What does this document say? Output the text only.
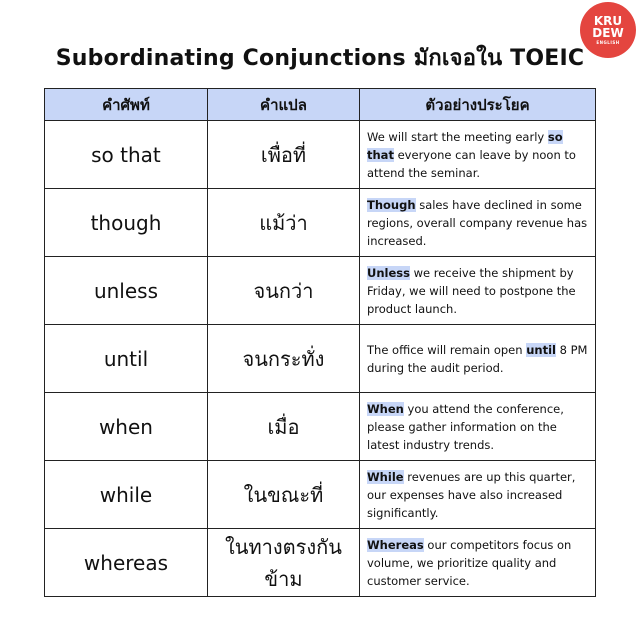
Subordinating Conjunctions มักเจอใน TOEIC
KRU
DEW
ENGLISH
คำศัพท์	คำแปล	ตัวอย่างประโยค
so that	เพื่อที่	We will start the meeting early so that everyone can leave by noon to attend the seminar.
though	แม้ว่า	Though sales have declined in some regions, overall company revenue has increased.
unless	จนกว่า	Unless we receive the shipment by Friday, we will need to postpone the product launch.
until	จนกระทั่ง	The office will remain open until 8 PM during the audit period.
when	เมื่อ	When you attend the conference, please gather information on the latest industry trends.
while	ในขณะที่	While revenues are up this quarter, our expenses have also increased significantly.
whereas	ในทางตรงกันข้าม	Whereas our competitors focus on volume, we prioritize quality and customer service.
